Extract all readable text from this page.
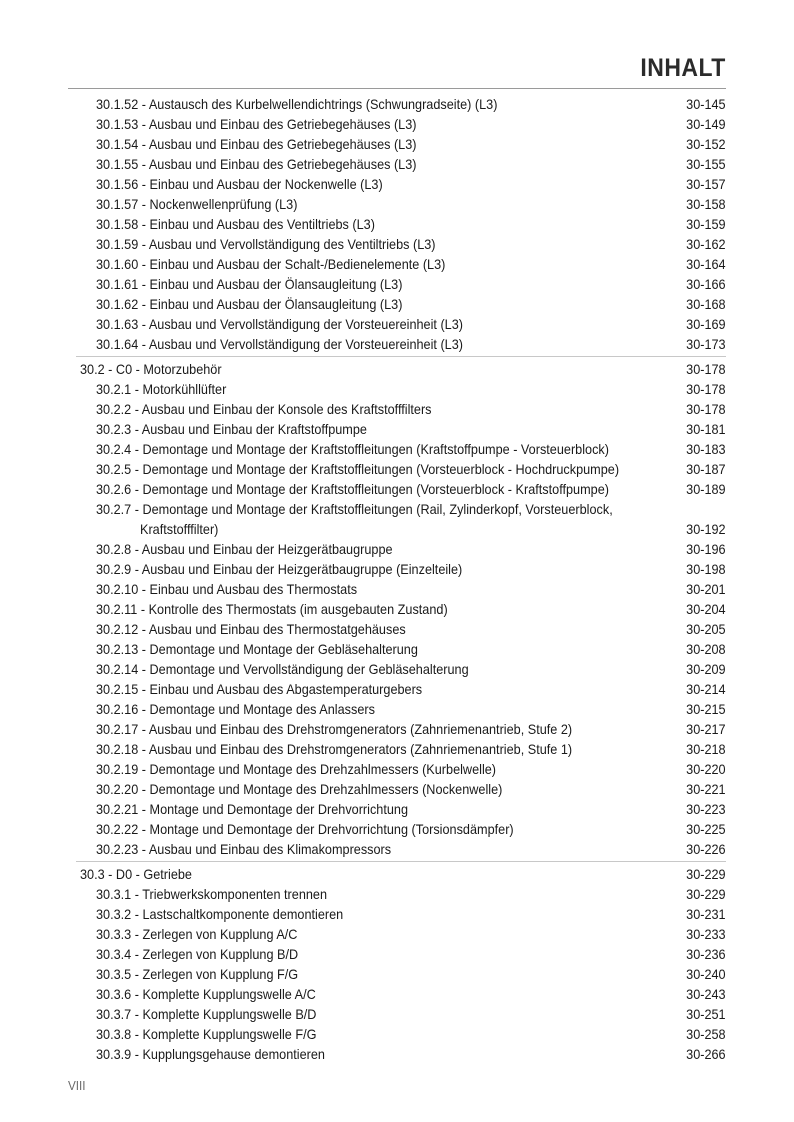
INHALT
30.1.52 - Austausch des Kurbelwellendichtrings (Schwungradseite) (L3)	30-145
30.1.53 - Ausbau und Einbau des Getriebegehäuses (L3)	30-149
30.1.54 - Ausbau und Einbau des Getriebegehäuses (L3)	30-152
30.1.55 - Ausbau und Einbau des Getriebegehäuses (L3)	30-155
30.1.56 - Einbau und Ausbau der Nockenwelle (L3)	30-157
30.1.57 - Nockenwellenprüfung (L3)	30-158
30.1.58 - Einbau und Ausbau des Ventiltriebs (L3)	30-159
30.1.59 - Ausbau und Vervollständigung des Ventiltriebs (L3)	30-162
30.1.60 - Einbau und Ausbau der Schalt-/Bedienelemente (L3)	30-164
30.1.61 - Einbau und Ausbau der Ölansaugleitung (L3)	30-166
30.1.62 - Einbau und Ausbau der Ölansaugleitung (L3)	30-168
30.1.63 - Ausbau und Vervollständigung der Vorsteuereinheit (L3)	30-169
30.1.64 - Ausbau und Vervollständigung der Vorsteuereinheit (L3)	30-173
30.2 - C0 - Motorzubehör	30-178
30.2.1 - Motorkühllüfter	30-178
30.2.2 - Ausbau und Einbau der Konsole des Kraftstofffilters	30-178
30.2.3 - Ausbau und Einbau der Kraftstoffpumpe	30-181
30.2.4 - Demontage und Montage der Kraftstoffleitungen (Kraftstoffpumpe - Vorsteuerblock)	30-183
30.2.5 - Demontage und Montage der Kraftstoffleitungen (Vorsteuerblock - Hochdruckpumpe)	30-187
30.2.6 - Demontage und Montage der Kraftstoffleitungen (Vorsteuerblock - Kraftstoffpumpe)	30-189
30.2.7 - Demontage und Montage der Kraftstoffleitungen (Rail, Zylinderkopf, Vorsteuerblock,
Kraftstofffilter)	30-192
30.2.8 - Ausbau und Einbau der Heizgerätbaugruppe	30-196
30.2.9 - Ausbau und Einbau der Heizgerätbaugruppe (Einzelteile)	30-198
30.2.10 - Einbau und Ausbau des Thermostats	30-201
30.2.11 - Kontrolle des Thermostats (im ausgebauten Zustand)	30-204
30.2.12 - Ausbau und Einbau des Thermostatgehäuses	30-205
30.2.13 - Demontage und Montage der Gebläsehalterung	30-208
30.2.14 - Demontage und Vervollständigung der Gebläsehalterung	30-209
30.2.15 - Einbau und Ausbau des Abgastemperaturgebers	30-214
30.2.16 - Demontage und Montage des Anlassers	30-215
30.2.17 - Ausbau und Einbau des Drehstromgenerators (Zahnriemenantrieb, Stufe 2)	30-217
30.2.18 - Ausbau und Einbau des Drehstromgenerators (Zahnriemenantrieb, Stufe 1)	30-218
30.2.19 - Demontage und Montage des Drehzahlmessers (Kurbelwelle)	30-220
30.2.20 - Demontage und Montage des Drehzahlmessers (Nockenwelle)	30-221
30.2.21 - Montage und Demontage der Drehvorrichtung	30-223
30.2.22 - Montage und Demontage der Drehvorrichtung (Torsionsdämpfer)	30-225
30.2.23 - Ausbau und Einbau des Klimakompressors	30-226
30.3 - D0 - Getriebe	30-229
30.3.1 - Triebwerkskomponenten trennen	30-229
30.3.2 - Lastschaltkomponente demontieren	30-231
30.3.3 - Zerlegen von Kupplung A/C	30-233
30.3.4 - Zerlegen von Kupplung B/D	30-236
30.3.5 - Zerlegen von Kupplung F/G	30-240
30.3.6 - Komplette Kupplungswelle A/C	30-243
30.3.7 - Komplette Kupplungswelle B/D	30-251
30.3.8 - Komplette Kupplungswelle F/G	30-258
30.3.9 - Kupplungsgehause demontieren	30-266
VIII
